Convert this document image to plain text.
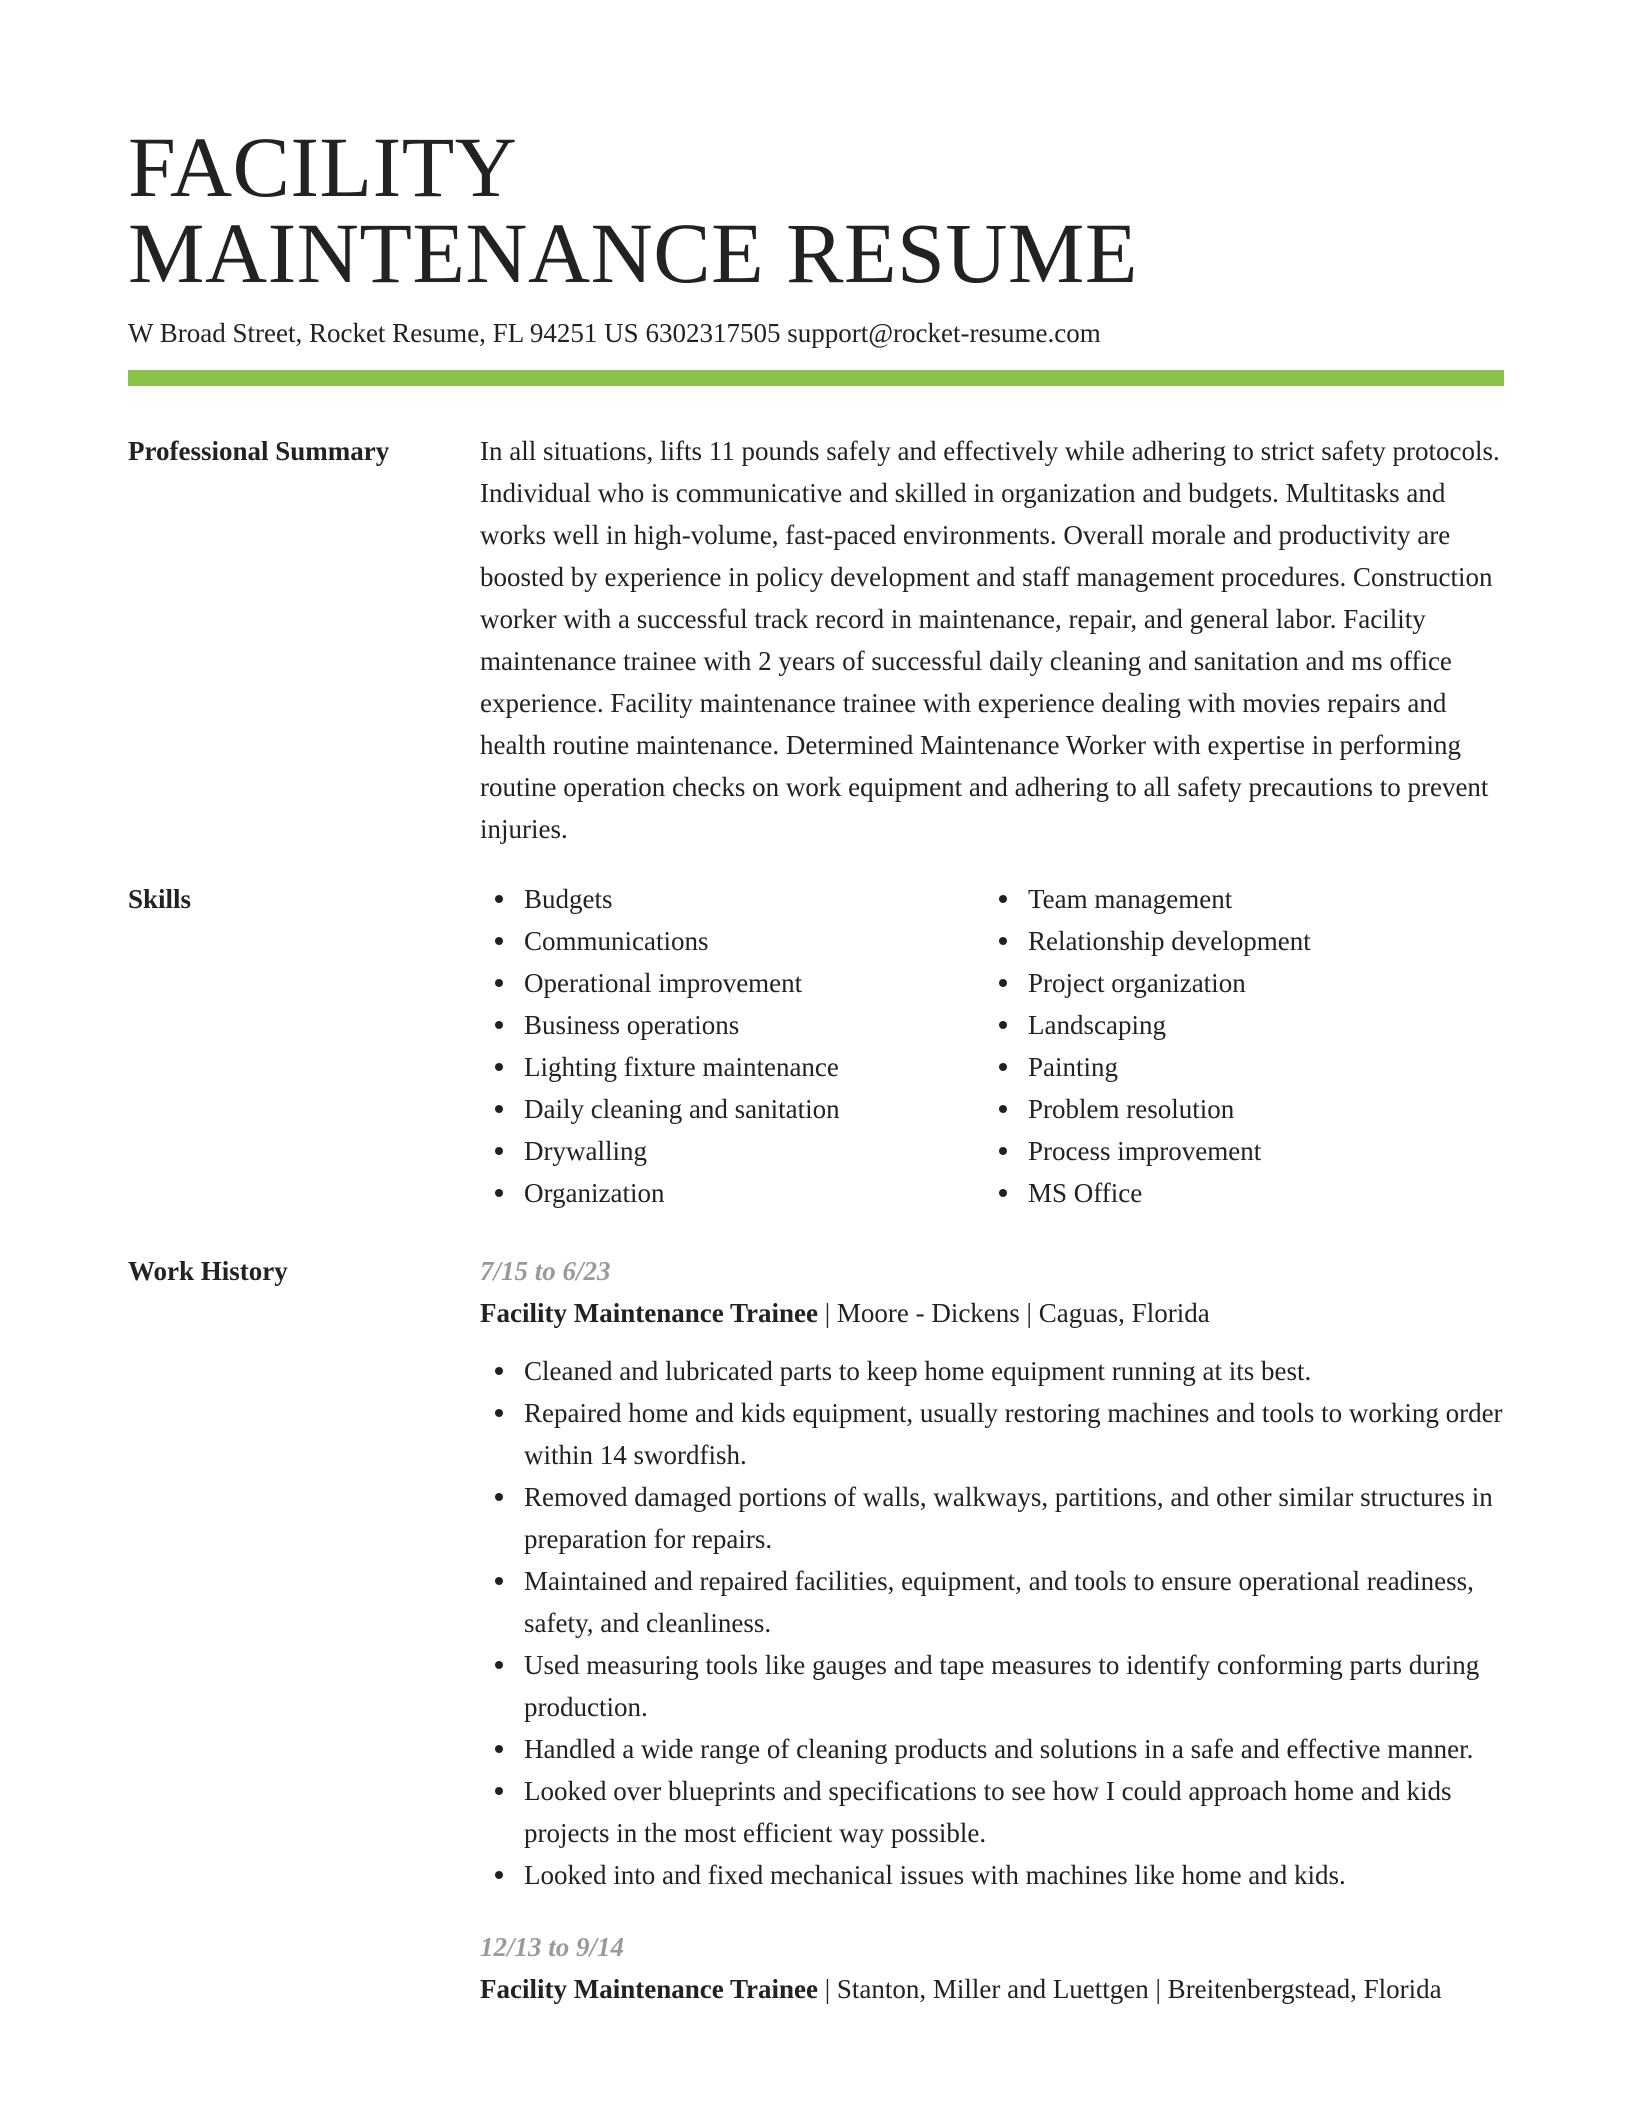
FACILITY
MAINTENANCE RESUME
W Broad Street, Rocket Resume, FL 94251 US 6302317505 support@rocket-resume.com
Professional Summary	In all situations, lifts 11 pounds safely and effectively while adhering to strict safety protocols. Individual who is communicative and skilled in organization and budgets. Multitasks and works well in high-volume, fast-paced environments. Overall morale and productivity are boosted by experience in policy development and staff management procedures. Construction worker with a successful track record in maintenance, repair, and general labor. Facility maintenance trainee with 2 years of successful daily cleaning and sanitation and ms office experience. Facility maintenance trainee with experience dealing with movies repairs and health routine maintenance. Determined Maintenance Worker with expertise in performing routine operation checks on work equipment and adhering to all safety precautions to prevent injuries.

Skills	Budgets
Communications
Operational improvement
Business operations
Lighting fixture maintenance
Daily cleaning and sanitation
Drywalling
Organization
Team management
Relationship development
Project organization
Landscaping
Painting
Problem resolution
Process improvement
MS Office
Work History	7/15 to 6/23
Facility Maintenance Trainee | Moore - Dickens | Caguas, Florida
Cleaned and lubricated parts to keep home equipment running at its best.
Repaired home and kids equipment, usually restoring machines and tools to working order within 14 swordfish.
Removed damaged portions of walls, walkways, partitions, and other similar structures in preparation for repairs.
Maintained and repaired facilities, equipment, and tools to ensure operational readiness, safety, and cleanliness.
Used measuring tools like gauges and tape measures to identify conforming parts during production.
Handled a wide range of cleaning products and solutions in a safe and effective manner.
Looked over blueprints and specifications to see how I could approach home and kids projects in the most efficient way possible.
Looked into and fixed mechanical issues with machines like home and kids.
12/13 to 9/14
Facility Maintenance Trainee | Stanton, Miller and Luettgen | Breitenbergstead, Florida
